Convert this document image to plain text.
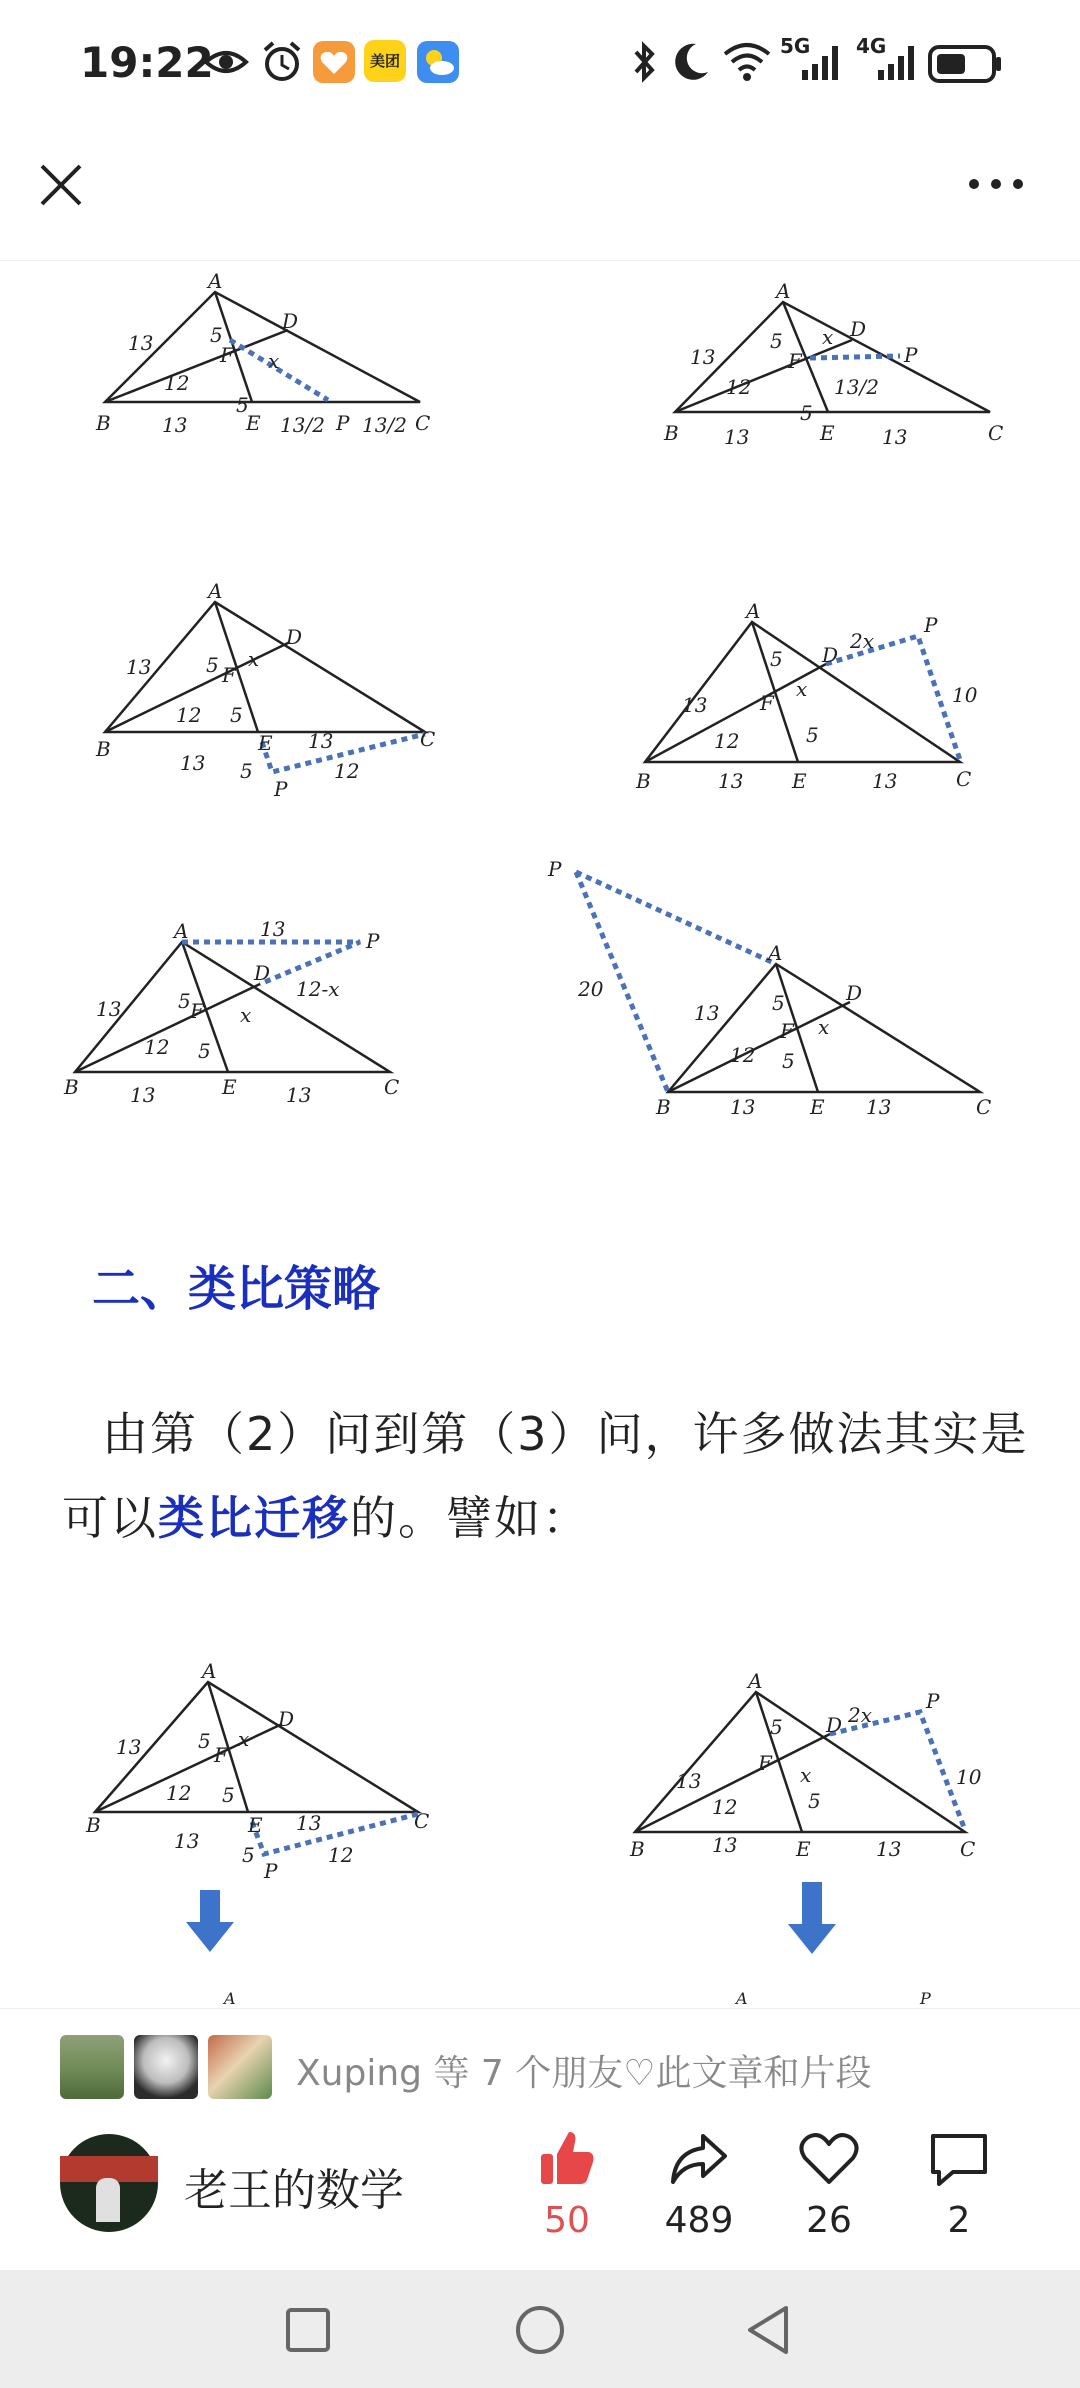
19:22	美团
5G 4G
A
B	C
D
E
F
P
13
12
5
5
x
13	13/2 13/2
A
B	C
D
E
F	P
13
12
5
5
x
13	13
13/2
A
B	C
D
E
F
P
13
12
5
5
x
13
13
5	12
A
B	C
D
E
F
P
13
12
5
5
x
13	13
2x
10
A
B	C
D
E
F
P
13
12
5
5
x
13	13
13
12-x
A
B	C
D
E
F
P
13
12
5
5
x
13	13
20
二、类比策略
由第（2）问到第（3）问，许多做法其实是可以类比迁移的。譬如：
A
B	C
D
E
F
P
13
12
5
5
x
13
13
5	12
A
A
B	C
D
E
F
P
13
12
5
5
x
13	13
2x
10
A	P
Xuping 等 7 个朋友♡此文章和片段
老王的数学
50	489	26	2
